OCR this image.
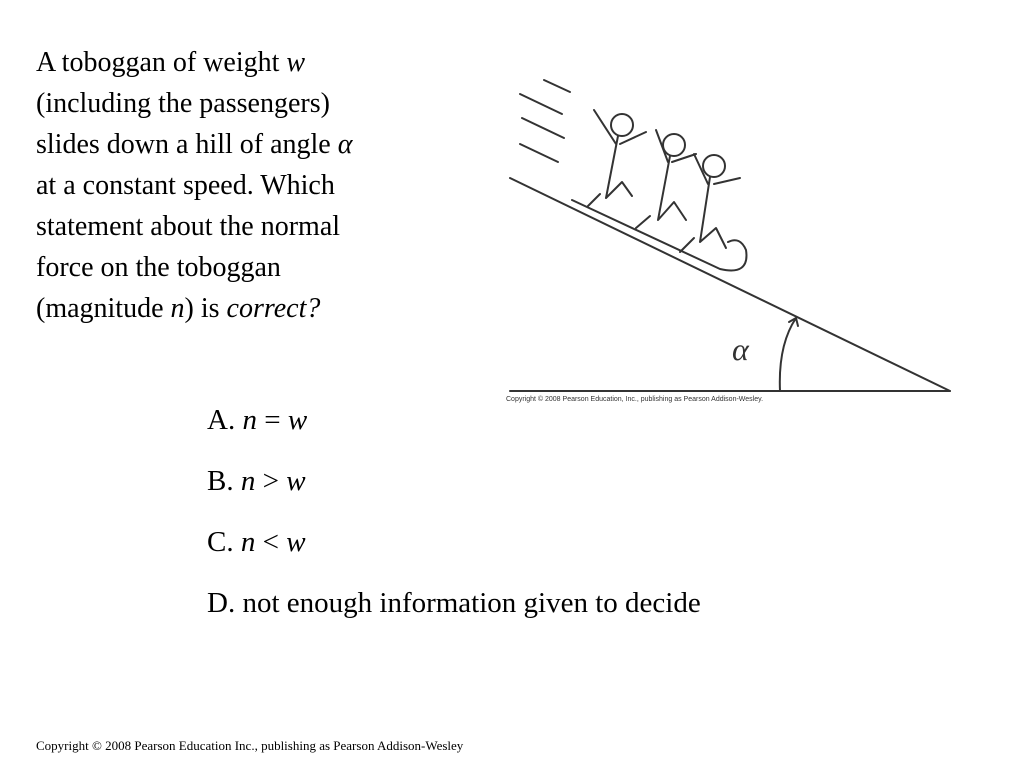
A toboggan of weight w
(including the passengers)
slides down a hill of angle α
at a constant speed. Which
statement about the normal
force on the toboggan
(magnitude n) is correct?
α
Copyright © 2008 Pearson Education, Inc., publishing as Pearson Addison-Wesley.
A. n = w
B. n > w
C. n < w
D. not enough information given to decide
Copyright © 2008 Pearson Education Inc., publishing as Pearson Addison-Wesley
